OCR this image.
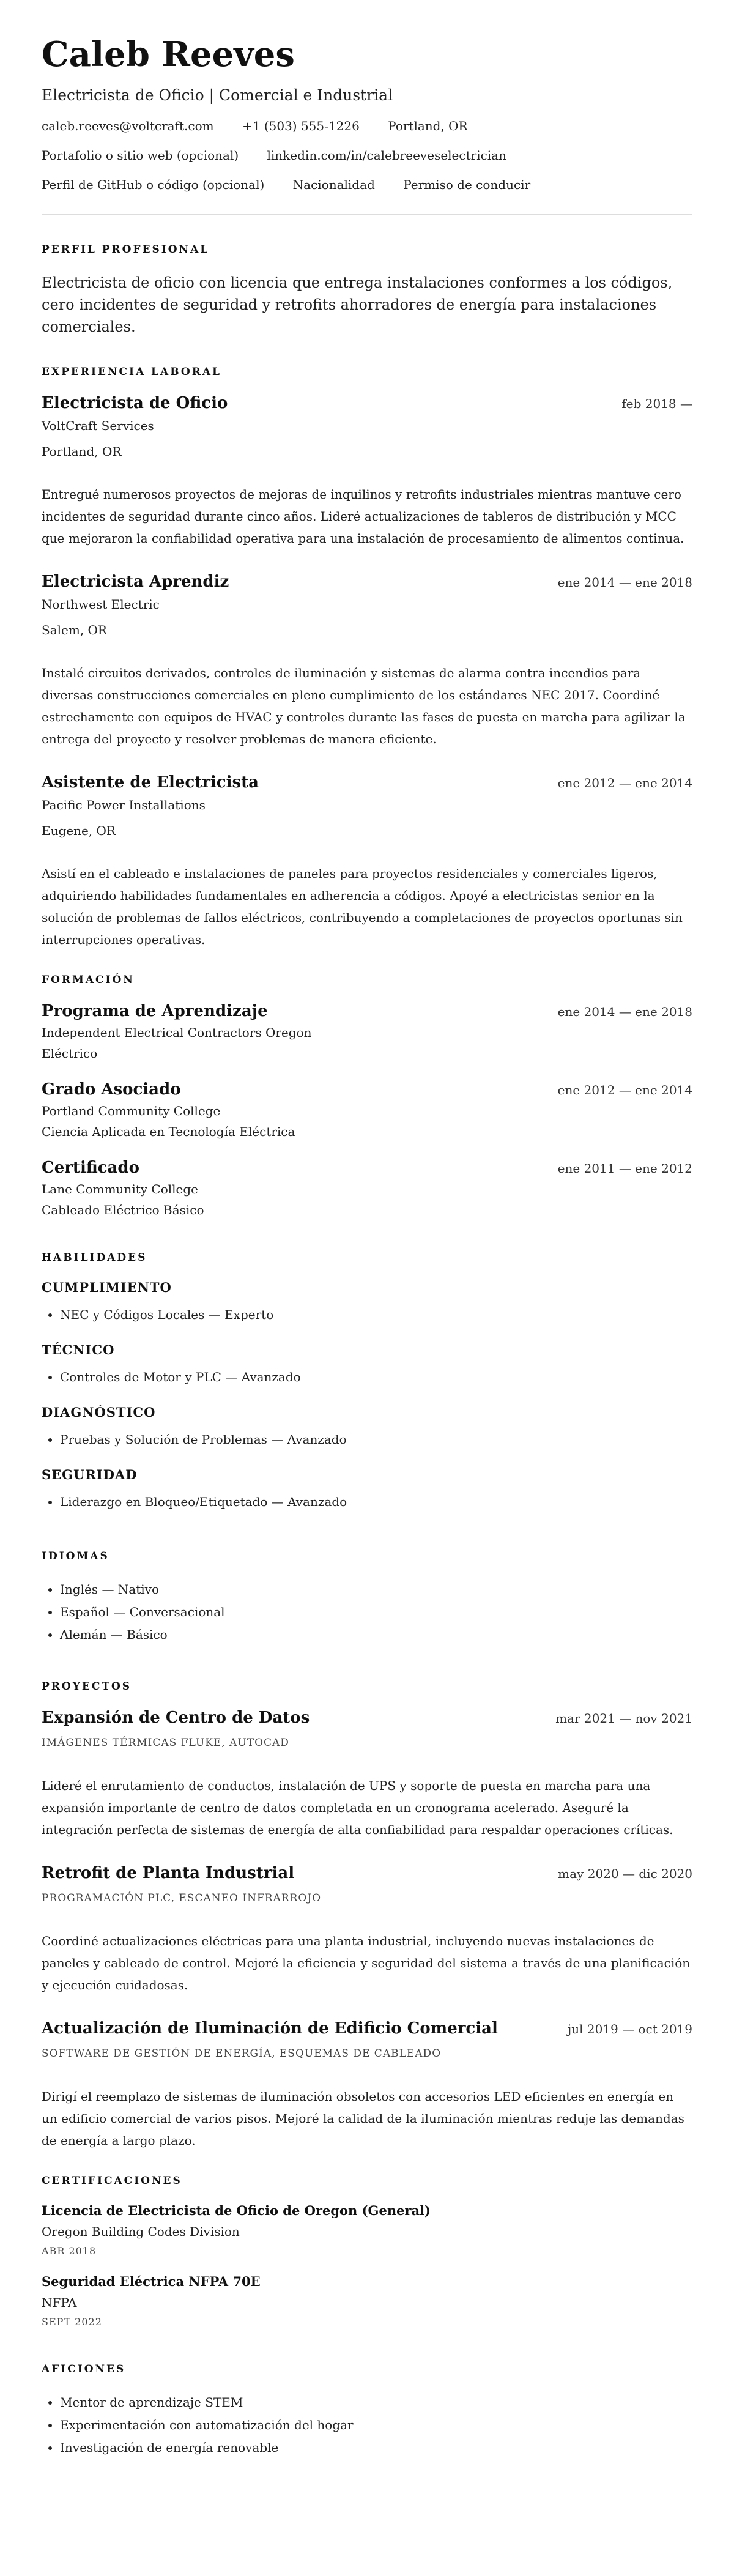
Caleb Reeves
Electricista de Oficio | Comercial e Industrial
caleb.reeves@voltcraft.com +1 (503) 555-1226 Portland, OR
Portafolio o sitio web (opcional) linkedin.com/in/calebreeveselectrician
Perfil de GitHub o código (opcional) Nacionalidad Permiso de conducir
PERFIL PROFESIONAL

Electricista de oficio con licencia que entrega instalaciones conformes a los códigos, cero incidentes de seguridad y retrofits ahorradores de energía para instalaciones comerciales.

EXPERIENCIA LABORAL
Electricista de Oficio	feb 2018 —
VoltCraft Services
Portland, OR
Entregué numerosos proyectos de mejoras de inquilinos y retrofits industriales mientras mantuve cero incidentes de seguridad durante cinco años. Lideré actualizaciones de tableros de distribución y MCC que mejoraron la confiabilidad operativa para una instalación de procesamiento de alimentos continua.
Electricista Aprendiz	ene 2014 — ene 2018
Northwest Electric
Salem, OR
Instalé circuitos derivados, controles de iluminación y sistemas de alarma contra incendios para diversas construcciones comerciales en pleno cumplimiento de los estándares NEC 2017. Coordiné estrechamente con equipos de HVAC y controles durante las fases de puesta en marcha para agilizar la entrega del proyecto y resolver problemas de manera eficiente.
Asistente de Electricista	ene 2012 — ene 2014
Pacific Power Installations
Eugene, OR
Asistí en el cableado e instalaciones de paneles para proyectos residenciales y comerciales ligeros, adquiriendo habilidades fundamentales en adherencia a códigos. Apoyé a electricistas senior en la solución de problemas de fallos eléctricos, contribuyendo a completaciones de proyectos oportunas sin interrupciones operativas.
FORMACIÓN
Programa de Aprendizaje	ene 2014 — ene 2018
Independent Electrical Contractors Oregon
Eléctrico
Grado Asociado	ene 2012 — ene 2014
Portland Community College
Ciencia Aplicada en Tecnología Eléctrica
Certificado	ene 2011 — ene 2012
Lane Community College
Cableado Eléctrico Básico
HABILIDADES
CUMPLIMIENTO
• NEC y Códigos Locales — Experto
TÉCNICO
• Controles de Motor y PLC — Avanzado
DIAGNÓSTICO
• Pruebas y Solución de Problemas — Avanzado
SEGURIDAD
• Liderazgo en Bloqueo/Etiquetado — Avanzado
IDIOMAS
• Inglés — Nativo
• Español — Conversacional
• Alemán — Básico
PROYECTOS
Expansión de Centro de Datos	mar 2021 — nov 2021
IMÁGENES TÉRMICAS FLUKE, AUTOCAD
Lideré el enrutamiento de conductos, instalación de UPS y soporte de puesta en marcha para una expansión importante de centro de datos completada en un cronograma acelerado. Aseguré la integración perfecta de sistemas de energía de alta confiabilidad para respaldar operaciones críticas.
Retrofit de Planta Industrial	may 2020 — dic 2020
PROGRAMACIÓN PLC, ESCANEO INFRARROJO
Coordiné actualizaciones eléctricas para una planta industrial, incluyendo nuevas instalaciones de paneles y cableado de control. Mejoré la eficiencia y seguridad del sistema a través de una planificación y ejecución cuidadosas.
Actualización de Iluminación de Edificio Comercial	jul 2019 — oct 2019
SOFTWARE DE GESTIÓN DE ENERGÍA, ESQUEMAS DE CABLEADO
Dirigí el reemplazo de sistemas de iluminación obsoletos con accesorios LED eficientes en energía en un edificio comercial de varios pisos. Mejoré la calidad de la iluminación mientras reduje las demandas de energía a largo plazo.
CERTIFICACIONES
Licencia de Electricista de Oficio de Oregon (General)
Oregon Building Codes Division
ABR 2018
Seguridad Eléctrica NFPA 70E
NFPA
SEPT 2022
AFICIONES
• Mentor de aprendizaje STEM
• Experimentación con automatización del hogar
• Investigación de energía renovable
